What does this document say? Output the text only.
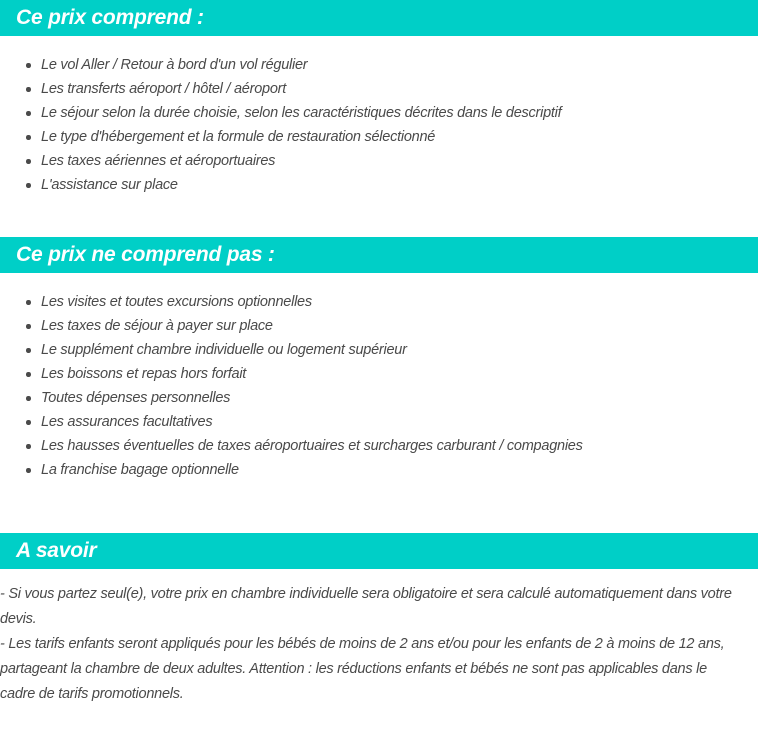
Ce prix comprend :
Le vol Aller / Retour à bord d'un vol régulier
Les transferts aéroport / hôtel / aéroport
Le séjour selon la durée choisie, selon les caractéristiques décrites dans le descriptif
Le type d'hébergement et la formule de restauration sélectionné
Les taxes aériennes et aéroportuaires
L'assistance sur place
Ce prix ne comprend pas :
Les visites et toutes excursions optionnelles
Les taxes de séjour à payer sur place
Le supplément chambre individuelle ou logement supérieur
Les boissons et repas hors forfait
Toutes dépenses personnelles
Les assurances facultatives
Les hausses éventuelles de taxes aéroportuaires et surcharges carburant / compagnies
La franchise bagage optionnelle
A savoir

- Si vous partez seul(e), votre prix en chambre individuelle sera obligatoire et sera calculé automatiquement dans votre devis.

- Les tarifs enfants seront appliqués pour les bébés de moins de 2 ans et/ou pour les enfants de 2 à moins de 12 ans, partageant la chambre de deux adultes. Attention : les réductions enfants et bébés ne sont pas applicables dans le cadre de tarifs promotionnels.
